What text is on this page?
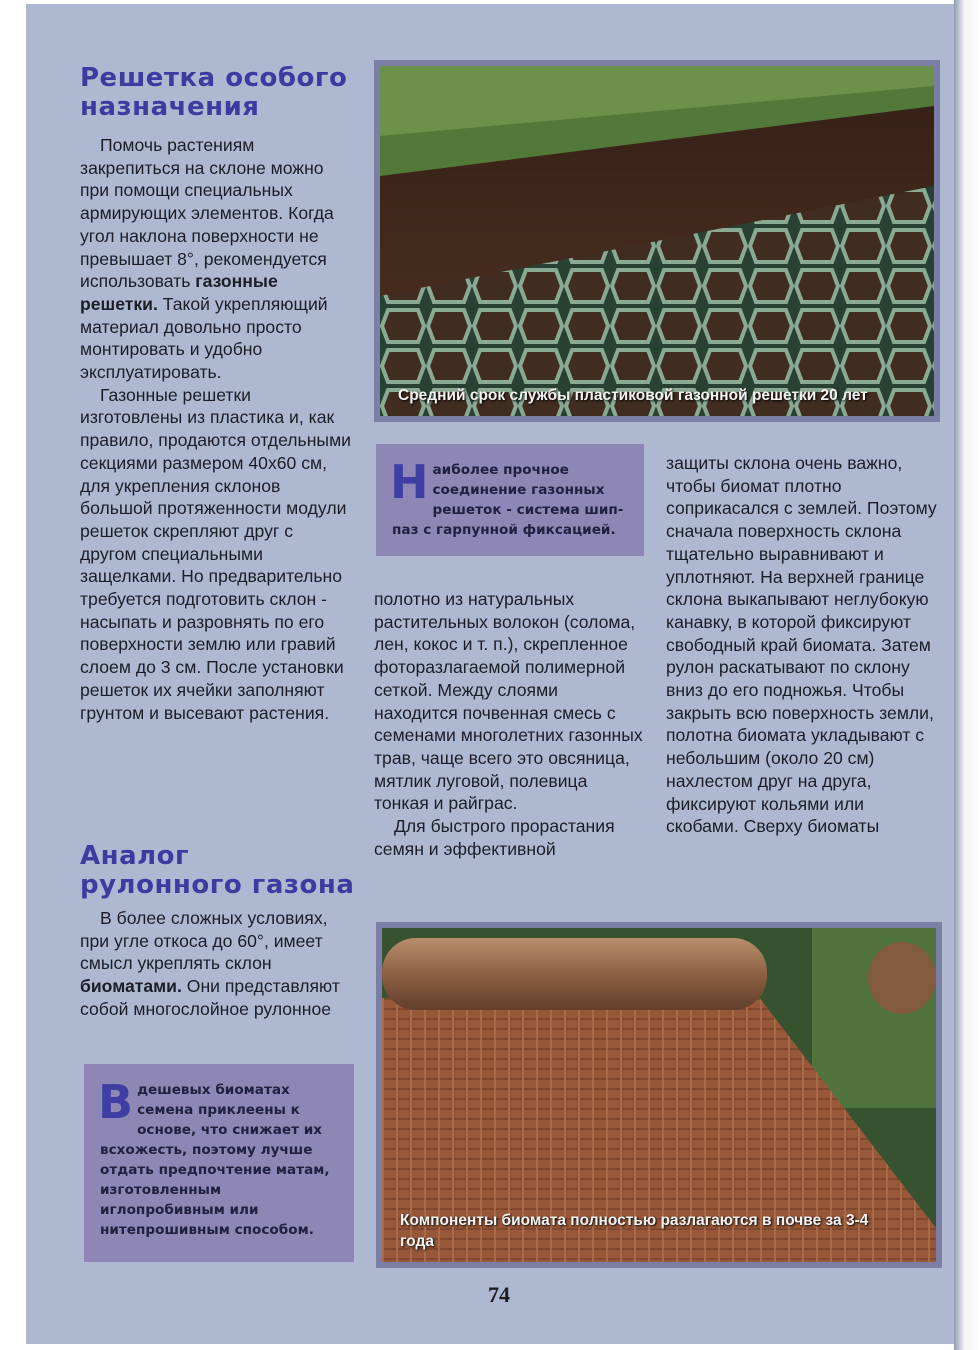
Решетка особого
назначения

Помочь растениям закрепиться на склоне можно при помощи специальных армирующих элементов. Когда угол наклона поверхности не превышает 8°, рекомендуется использовать газонные решетки. Такой укрепляющий материал довольно просто монтировать и удобно эксплуатировать.

Газонные решетки изготовлены из пластика и, как правило, продаются отдельными секциями размером 40х60 см, для укрепления склонов большой протяженности модули решеток скрепляют друг с другом специальными защелками. Но предварительно требуется подготовить склон - насыпать и разровнять по его поверхности землю или гравий слоем до 3 см. После установки решеток их ячейки заполняют грунтом и высевают растения.

Аналог
рулонного газона

В более сложных условиях, при угле откоса до 60°, имеет смысл укреплять склон биоматами. Они представляют собой многослойное рулонное

Средний срок службы пластиковой газонной решетки 20 лет
Наиболее прочное соединение газонных решеток - система шип-паз с гарпунной фиксацией.

полотно из натуральных растительных волокон (солома, лен, кокос и т. п.), скрепленное фоторазлагаемой полимерной сеткой. Между слоями находится почвенная смесь с семенами многолетних газонных трав, чаще всего это овсяница, мятлик луговой, полевица тонкая и райграс.

Для быстрого прорастания семян и эффективной

защиты склона очень важно, чтобы биомат плотно соприкасался с землей. Поэтому сначала поверхность склона тщательно выравнивают и уплотняют. На верхней границе склона выкапывают неглубокую канавку, в которой фиксируют свободный край биомата. Затем рулон раскатывают по склону вниз до его подножья. Чтобы закрыть всю поверхность земли, полотна биомата укладывают с небольшим (около 20 см) нахлестом друг на друга, фиксируют кольями или скобами. Сверху биоматы

Компоненты биомата полностью разлагаются в почве за 3-4 года
Вдешевых биоматах семена приклеены к основе, что снижает их всхожесть, поэтому лучше отдать предпочтение матам, изготовленным иглопробивным или нитепрошивным способом.
74
